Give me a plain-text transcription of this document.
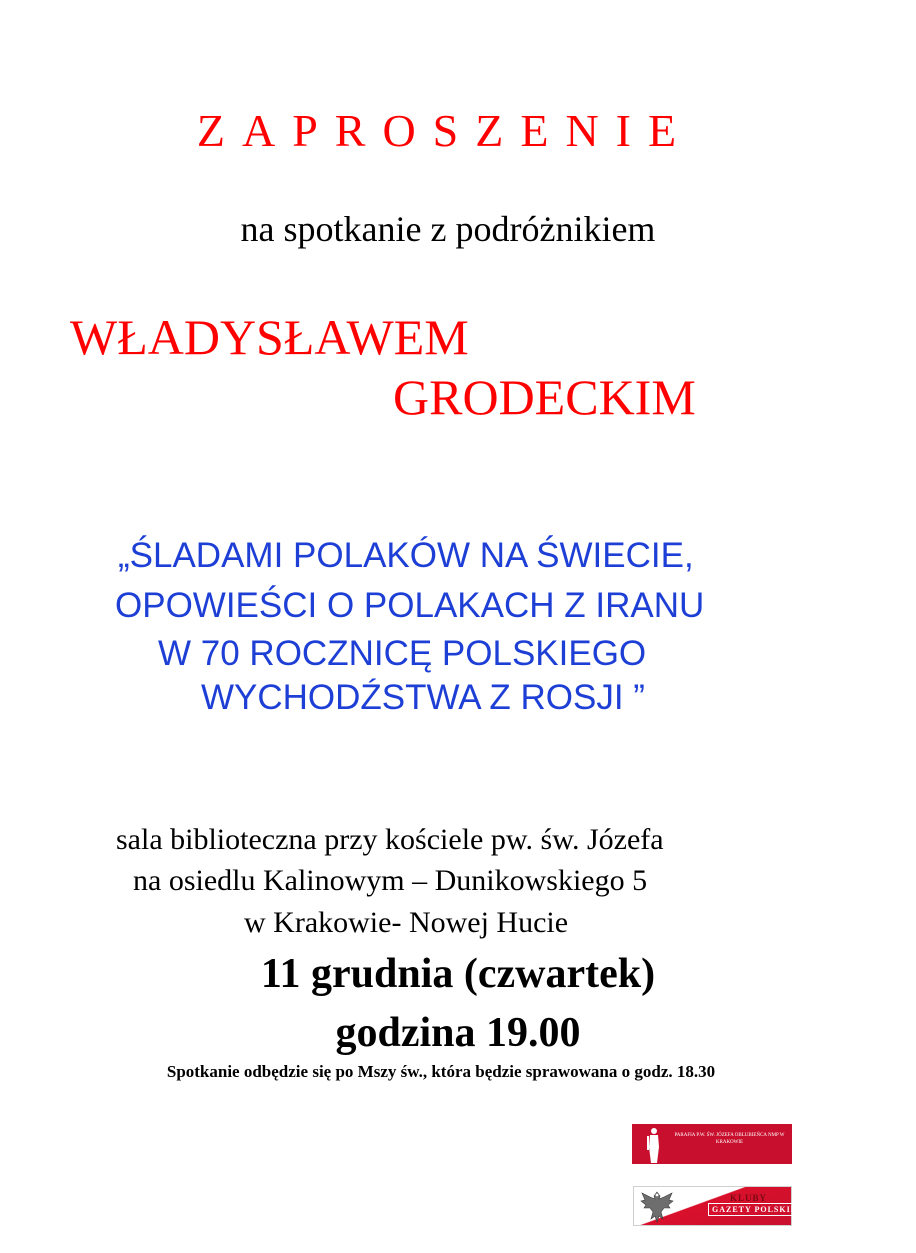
ZAPROSZENIE
na spotkanie z podróżnikiem
WŁADYSŁAWEM
GRODECKIM
„ŚLADAMI POLAKÓW NA ŚWIECIE,
OPOWIEŚCI O POLAKACH Z IRANU
W 70 ROCZNICĘ POLSKIEGO
WYCHODŹSTWA Z ROSJI ”
sala biblioteczna przy kościele pw. św. Józefa
na osiedlu Kalinowym – Dunikowskiego 5
w Krakowie- Nowej Hucie
11 grudnia (czwartek)
godzina 19.00
Spotkanie odbędzie się po Mszy św., która będzie sprawowana o godz. 18.30
PARAFIA P.W. ŚW. JÓZEFA OBLUBIEŃCA NMP W KRAKOWIE
KLUBY
GAZETY POLSKIEJ
